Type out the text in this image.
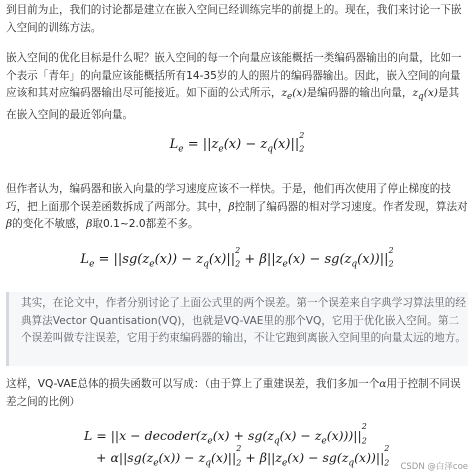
到目前为止，我们的讨论都是建立在嵌入空间已经训练完毕的前提上的。现在，我们来讨论一下嵌入空间的训练方法。

嵌入空间的优化目标是什么呢？嵌入空间的每一个向量应该能概括一类编码器输出的向量，比如一个表示「青年」的向量应该能概括所有14-35岁的人的照片的编码器输出。因此，嵌入空间的向量应该和其对应编码器输出尽可能接近。如下面的公式所示，$z_e(x)$是编码器的输出向量，$z_q(x)$是其在嵌入空间的最近邻向量。

$L_e = ||z_e(x) - z_q(x)||$
2
$_2$

但作者认为，编码器和嵌入向量的学习速度应该不一样快。于是，他们再次使用了停止梯度的技巧，把上面那个误差函数拆成了两部分。其中，β控制了编码器的相对学习速度。作者发现，算法对β的变化不敏感，β取0.1~2.0都差不多。

$L_e = ||sg(z_e(x)) - z_q(x)||$
2
$_2 + \beta||z_e(x) - sg(z_q(x))||$
2
$_2$

其实，在论文中，作者分别讨论了上面公式里的两个误差。第一个误差来自字典学习算法里的经典算法Vector Quantisation(VQ)，也就是VQ-VAE里的那个VQ，它用于优化嵌入空间。第二个误差叫做专注误差，它用于约束编码器的输出，不让它跑到离嵌入空间里的向量太远的地方。

这样，VQ-VAE总体的损失函数可以写成：（由于算上了重建误差，我们多加一个α用于控制不同误差之间的比例）

$L = ||x - decoder(z_e(x) + sg(z_q(x) - z_e(x)))||$
2
$_2$
+ $\alpha||sg(z_e(x)) - z_q(x)||$
2
$_2 + \beta||z_e(x) - sg(z_q(x))||$
2
$_2$ CSDN @白泽coe
